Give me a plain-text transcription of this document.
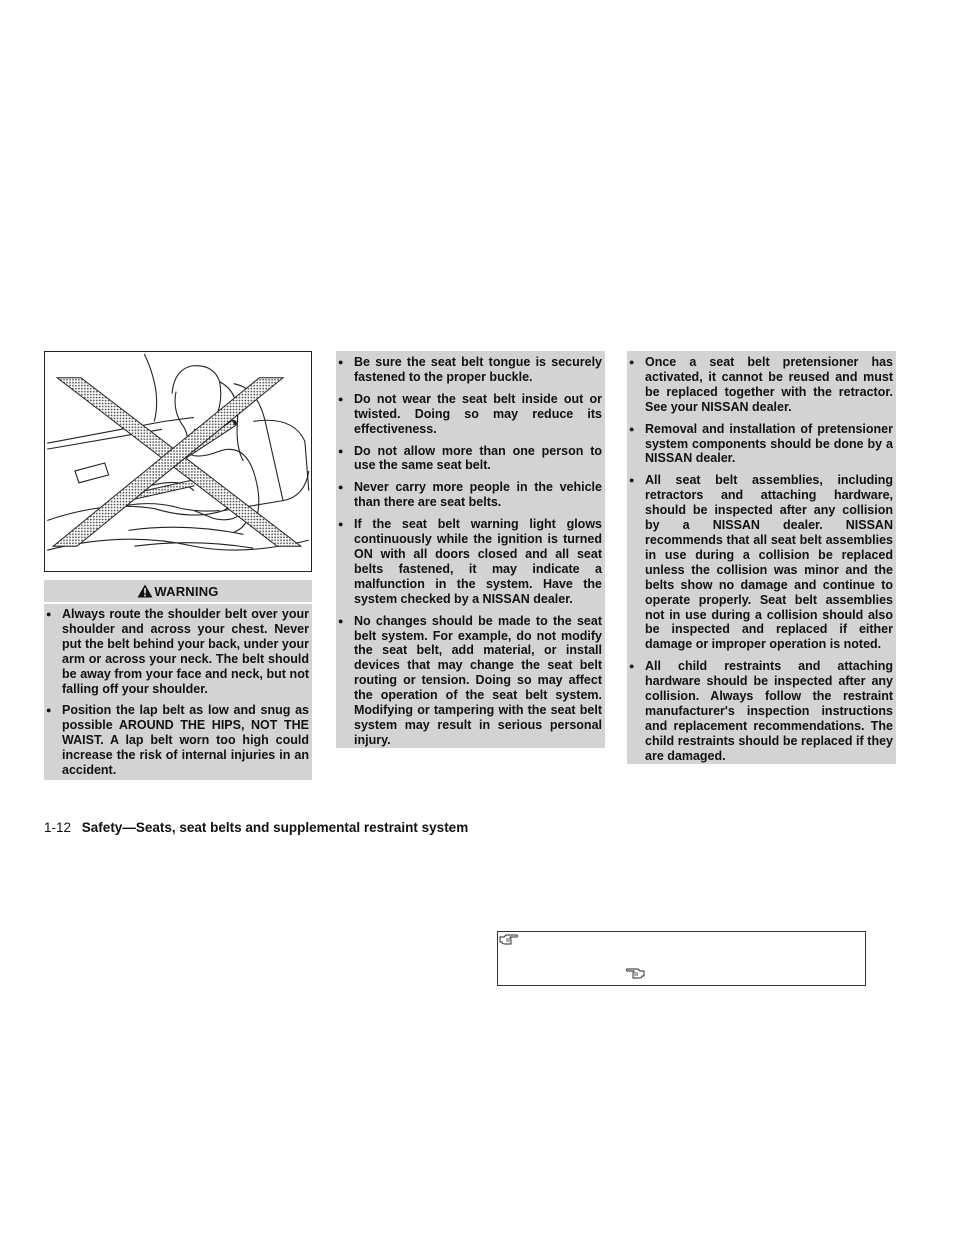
WARNING
● Always route the shoulder belt over your shoulder and across your chest. Never put the belt behind your back, under your arm or across your neck. The belt should be away from your face and neck, but not falling off your shoulder.
● Position the lap belt as low and snug as possible AROUND THE HIPS, NOT THE WAIST. A lap belt worn too high could increase the risk of internal injuries in an accident.
● Be sure the seat belt tongue is securely fastened to the proper buckle.
● Do not wear the seat belt inside out or twisted. Doing so may reduce its effectiveness.
● Do not allow more than one person to use the same seat belt.
● Never carry more people in the vehicle than there are seat belts.
● If the seat belt warning light glows continuously while the ignition is turned ON with all doors closed and all seat belts fastened, it may indicate a malfunction in the system. Have the system checked by a NISSAN dealer.
● No changes should be made to the seat belt system. For example, do not modify the seat belt, add material, or install devices that may change the seat belt routing or tension. Doing so may affect the operation of the seat belt system. Modifying or tampering with the seat belt system may result in serious personal injury.
● Once a seat belt pretensioner has activated, it cannot be reused and must be replaced together with the retractor. See your NISSAN dealer.
● Removal and installation of pretensioner system components should be done by a NISSAN dealer.
● All seat belt assemblies, including retractors and attaching hardware, should be inspected after any collision by a NISSAN dealer. NISSAN recommends that all seat belt assemblies in use during a collision be replaced unless the collision was minor and the belts show no damage and continue to operate properly. Seat belt assemblies not in use during a collision should also be inspected and replaced if either damage or improper operation is noted.
● All child restraints and attaching hardware should be inspected after any collision. Always follow the restraint manufacturer's inspection instructions and replacement recommendations. The child restraints should be replaced if they are damaged.
1-12 Safety—Seats, seat belts and supplemental restraint system
